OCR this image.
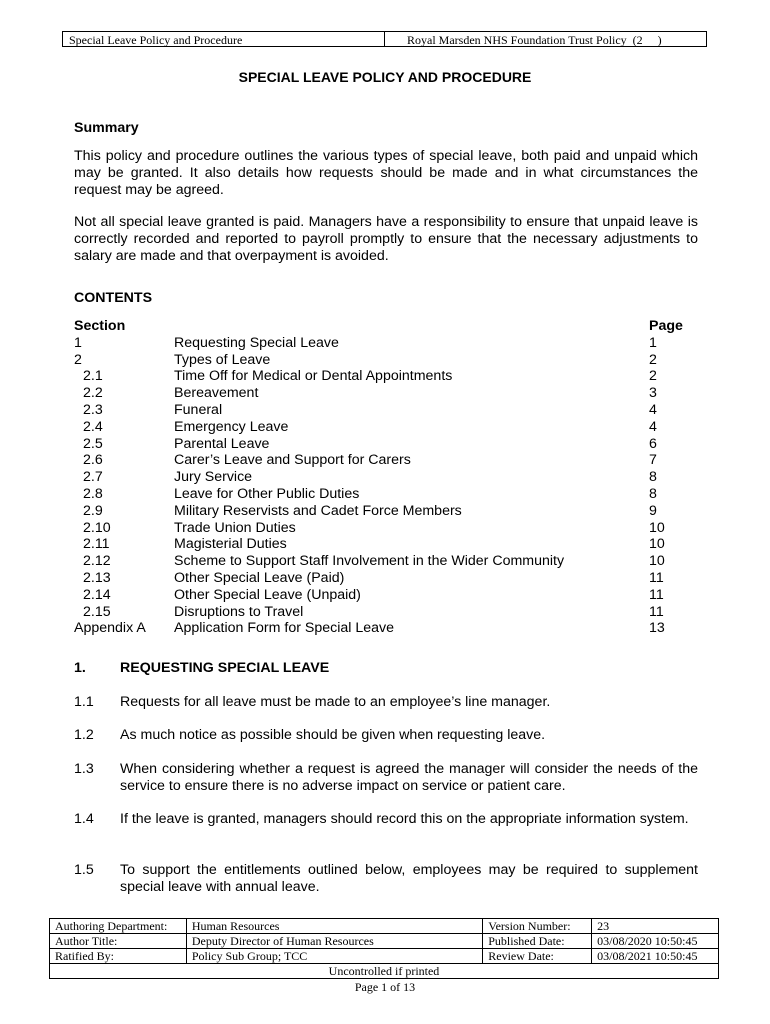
Special Leave Policy and Procedure	Royal Marsden NHS Foundation Trust Policy  (2     )
SPECIAL LEAVE POLICY AND PROCEDURE
Summary
This policy and procedure outlines the various types of special leave, both paid and unpaid which may be granted. It also details how requests should be made and in what circumstances the request may be agreed.
Not all special leave granted is paid. Managers have a responsibility to ensure that unpaid leave is correctly recorded and reported to payroll promptly to ensure that the necessary adjustments to salary are made and that overpayment is avoided.
CONTENTS
Section	Page
1	Requesting Special Leave	1
2	Types of Leave	2
2.1	Time Off for Medical or Dental Appointments	2
2.2	Bereavement	3
2.3	Funeral	4
2.4	Emergency Leave	4
2.5	Parental Leave	6
2.6	Carer’s Leave and Support for Carers	7
2.7	Jury Service	8
2.8	Leave for Other Public Duties	8
2.9	Military Reservists and Cadet Force Members	9
2.10	Trade Union Duties	10
2.11	Magisterial Duties	10
2.12	Scheme to Support Staff Involvement in the Wider Community	10
2.13	Other Special Leave (Paid)	11
2.14	Other Special Leave (Unpaid)	11
2.15	Disruptions to Travel	11
Appendix A Application Form for Special Leave	13
1. REQUESTING SPECIAL LEAVE
1.1 Requests for all leave must be made to an employee’s line manager.
1.2 As much notice as possible should be given when requesting leave.
1.3 When considering whether a request is agreed the manager will consider the needs of the service to ensure there is no adverse impact on service or patient care.
1.4 If the leave is granted, managers should record this on the appropriate information system.
1.5 To support the entitlements outlined below, employees may be required to supplement special leave with annual leave.
Authoring Department:	Human Resources	Version Number:	23
Author Title:	Deputy Director of Human Resources	Published Date:	03/08/2020 10:50:45
Ratified By:	Policy Sub Group; TCC	Review Date:	03/08/2021 10:50:45
Uncontrolled if printed			
Page 1 of 13
